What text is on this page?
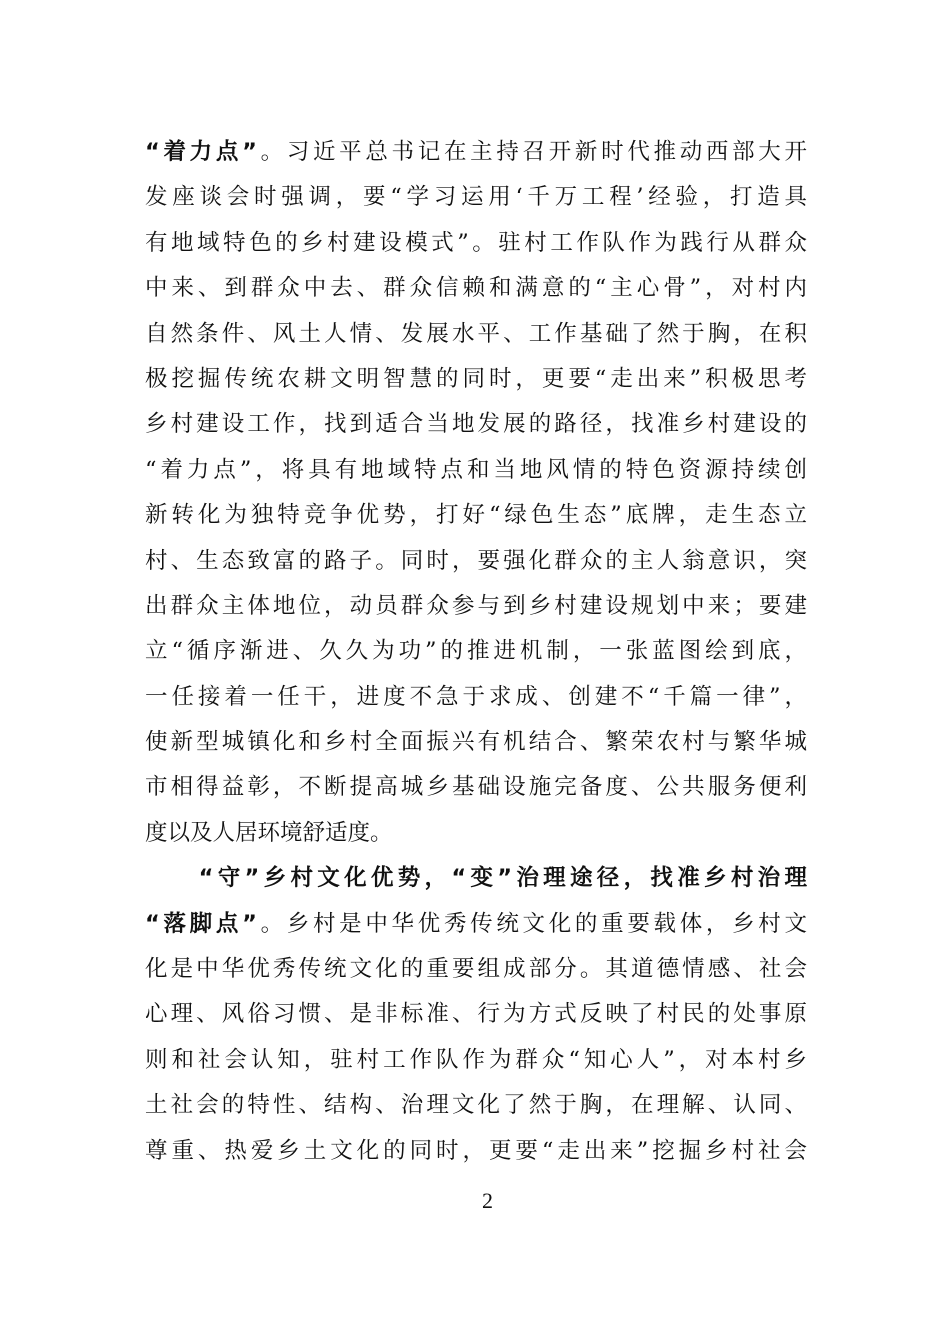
“着力点”。习近平总书记在主持召开新时代推动西部大开
发座谈会时强调，要“学习运用‘千万工程’经验，打造具
有地域特色的乡村建设模式”。驻村工作队作为践行从群众
中来、到群众中去、群众信赖和满意的“主心骨”，对村内
自然条件、风土人情、发展水平、工作基础了然于胸，在积
极挖掘传统农耕文明智慧的同时，更要“走出来”积极思考
乡村建设工作，找到适合当地发展的路径，找准乡村建设的
“着力点”，将具有地域特点和当地风情的特色资源持续创
新转化为独特竞争优势，打好“绿色生态”底牌，走生态立
村、生态致富的路子。同时，要强化群众的主人翁意识，突
出群众主体地位，动员群众参与到乡村建设规划中来；要建
立“循序渐进、久久为功”的推进机制，一张蓝图绘到底，
一任接着一任干，进度不急于求成、创建不“千篇一律”，
使新型城镇化和乡村全面振兴有机结合、繁荣农村与繁华城
市相得益彰，不断提高城乡基础设施完备度、公共服务便利
度以及人居环境舒适度。
　　“守”乡村文化优势，“变”治理途径，找准乡村治理
“落脚点”。乡村是中华优秀传统文化的重要载体，乡村文
化是中华优秀传统文化的重要组成部分。其道德情感、社会
心理、风俗习惯、是非标准、行为方式反映了村民的处事原
则和社会认知，驻村工作队作为群众“知心人”，对本村乡
土社会的特性、结构、治理文化了然于胸，在理解、认同、
尊重、热爱乡土文化的同时，更要“走出来”挖掘乡村社会
2
